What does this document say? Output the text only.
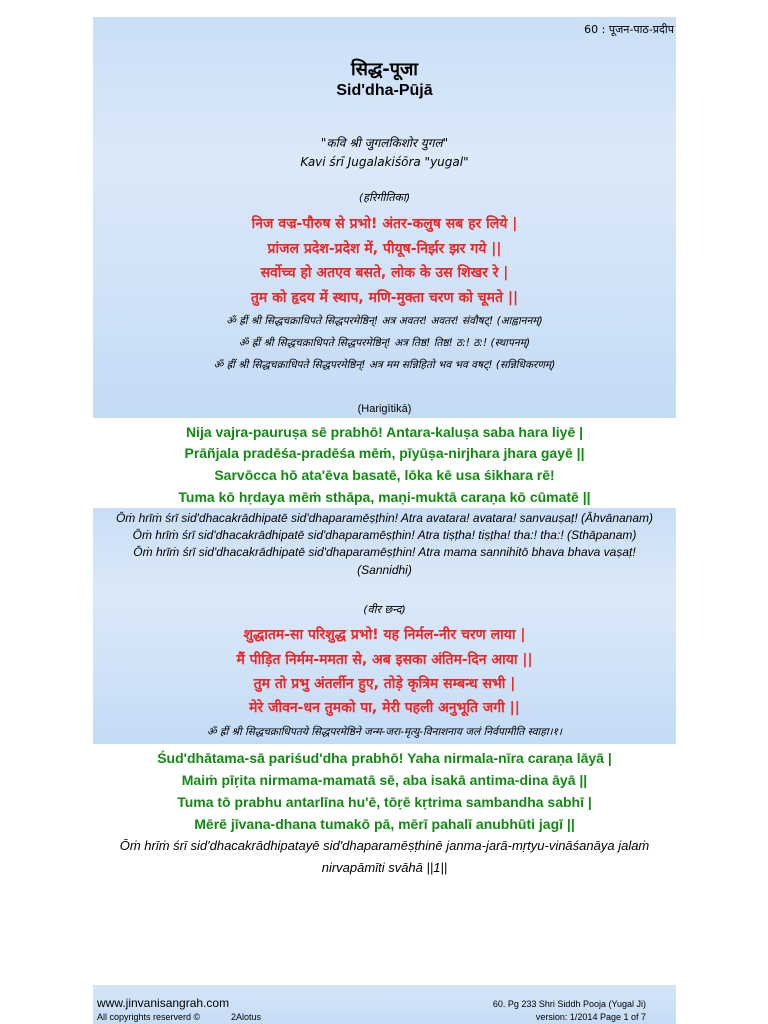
60 : पूजन-पाठ-प्रदीप
सिद्ध-पूजा
Sid'dha-Pūjā
"कवि श्री जुगलकिशोर युगल"
Kavi śrī Jugalakiśōra "yugal"
(हरिगीतिका)
निज वज्र-पौरुष से प्रभो! अंतर-कलुष सब हर लिये |
प्रांजल प्रदेश-प्रदेश में, पीयूष-निर्झर झर गये ||
सर्वोच्च हो अतएव बसते, लोक के उस शिखर रे |
तुम को हृदय में स्थाप, मणि-मुक्ता चरण को चूमते ||
ॐ ह्रीं श्री सिद्धचक्राधिपते सिद्धपरमेष्ठिन्! अत्र अवतर! अवतर! संवौषट्! (आह्वाननम्)
ॐ ह्रीं श्री सिद्धचक्राधिपते सिद्धपरमेष्ठिन्! अत्र तिष्ठ! तिष्ठ! ठ:! ठ:! (स्थापनम्)
ॐ ह्रीं श्री सिद्धचक्राधिपते सिद्धपरमेष्ठिन्! अत्र मम सन्निहितो भव भव वषट्! (सन्निधिकरणम्)
(Harigītikā)
Nija vajra-pauruṣa sē prabhō! Antara-kaluṣa saba hara liyē |
Prāñjala pradēśa-pradēśa mēṁ, pīyūṣa-nirjhara jhara gayē ||
Sarvōcca hō ata'ēva basatē, lōka kē usa śikhara rē!
Tuma kō hṛdaya mēṁ sthāpa, maṇi-muktā caraṇa kō cūmatē ||
Ōṁ hrīṁ śrī sid'dhacakrādhipatē sid'dhaparamēṣṭhin! Atra avatara! avatara! sanvauṣaṭ! (Āhvānanam)
Ōṁ hrīṁ śrī sid'dhacakrādhipatē sid'dhaparamēṣṭhin! Atra tiṣṭha! tiṣṭha! tha:! tha:! (Sthāpanam)
Ōṁ hrīṁ śrī sid'dhacakrādhipatē sid'dhaparamēṣṭhin! Atra mama sannihitō bhava bhava vaṣaṭ!
(Sannidhi)
(वीर छन्द)
शुद्धातम-सा परिशुद्ध प्रभो! यह निर्मल-नीर चरण लाया |
मैं पीड़ित निर्मम-ममता से, अब इसका अंतिम-दिन आया ||
तुम तो प्रभु अंतर्लीन हुए, तोड़े कृत्रिम सम्बन्ध सभी |
मेरे जीवन-धन तुमको पा, मेरी पहली अनुभूति जगी ||
ॐ ह्रीं श्री सिद्धचक्राधिपतये सिद्धपरमेष्ठिने जन्म-जरा-मृत्यु-विनाशनाय जलं निर्वपामीति स्वाहा।१।
Śud'dhātama-sā pariśud'dha prabhō! Yaha nirmala-nīra caraṇa lāyā |
Maiṁ pīṛita nirmama-mamatā sē, aba isakā antima-dina āyā ||
Tuma tō prabhu antarlīna hu'ē, tōṛē kṛtrima sambandha sabhī |
Mērē jīvana-dhana tumakō pā, mērī pahalī anubhūti jagī ||
Ōṁ hrīṁ śrī sid'dhacakrādhipatayē sid'dhaparamēṣṭhinē janma-jarā-mṛtyu-vināśanāya jalaṁ
nirvapāmīti svāhā ||1||
www.jinvanisangrah.com
All copyrights reserverd ©	2Alotus
60. Pg 233 Shri Siddh Pooja (Yugal Ji)
version: 1/2014 Page 1 of 7
